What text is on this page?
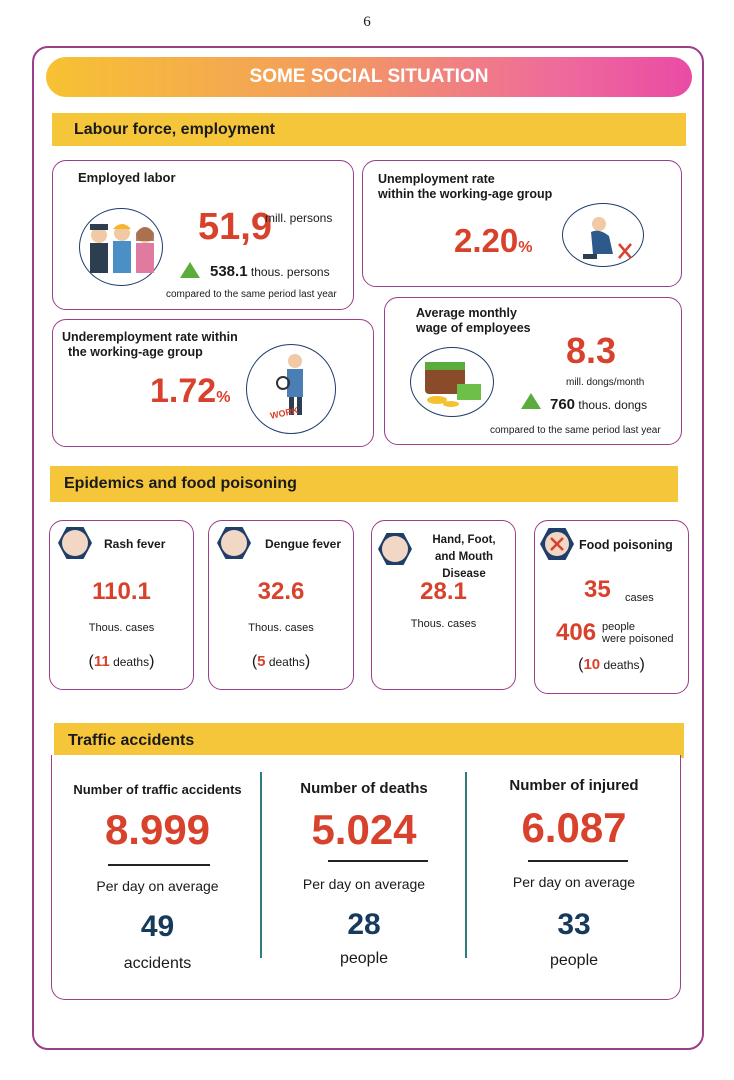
6
SOME SOCIAL SITUATION
Labour force, employment
Employed labor
51,9
mill. persons
538.1 thous. persons
compared to the same period last year
Unemployment rate
within the working-age group
2.20%
Underemployment rate within
the working-age group
1.72%
WORK
Average monthly
wage of employees
8.3
mill. dongs/month
760 thous. dongs
compared to the same period last year
Epidemics and food poisoning
Rash fever
110.1
Thous. cases
(11 deaths)
Dengue fever
32.6
Thous. cases
(5 deaths)
Hand, Foot,
and Mouth Disease
28.1
Thous. cases
Food poisoning
35 cases
406 people
were poisoned
(10 deaths)
Traffic accidents
Number of traffic accidents
8.999
Per day on average
49
accidents
Number of deaths
5.024
Per day on average
28
people
Number of injured
6.087
Per day on average
33
people
